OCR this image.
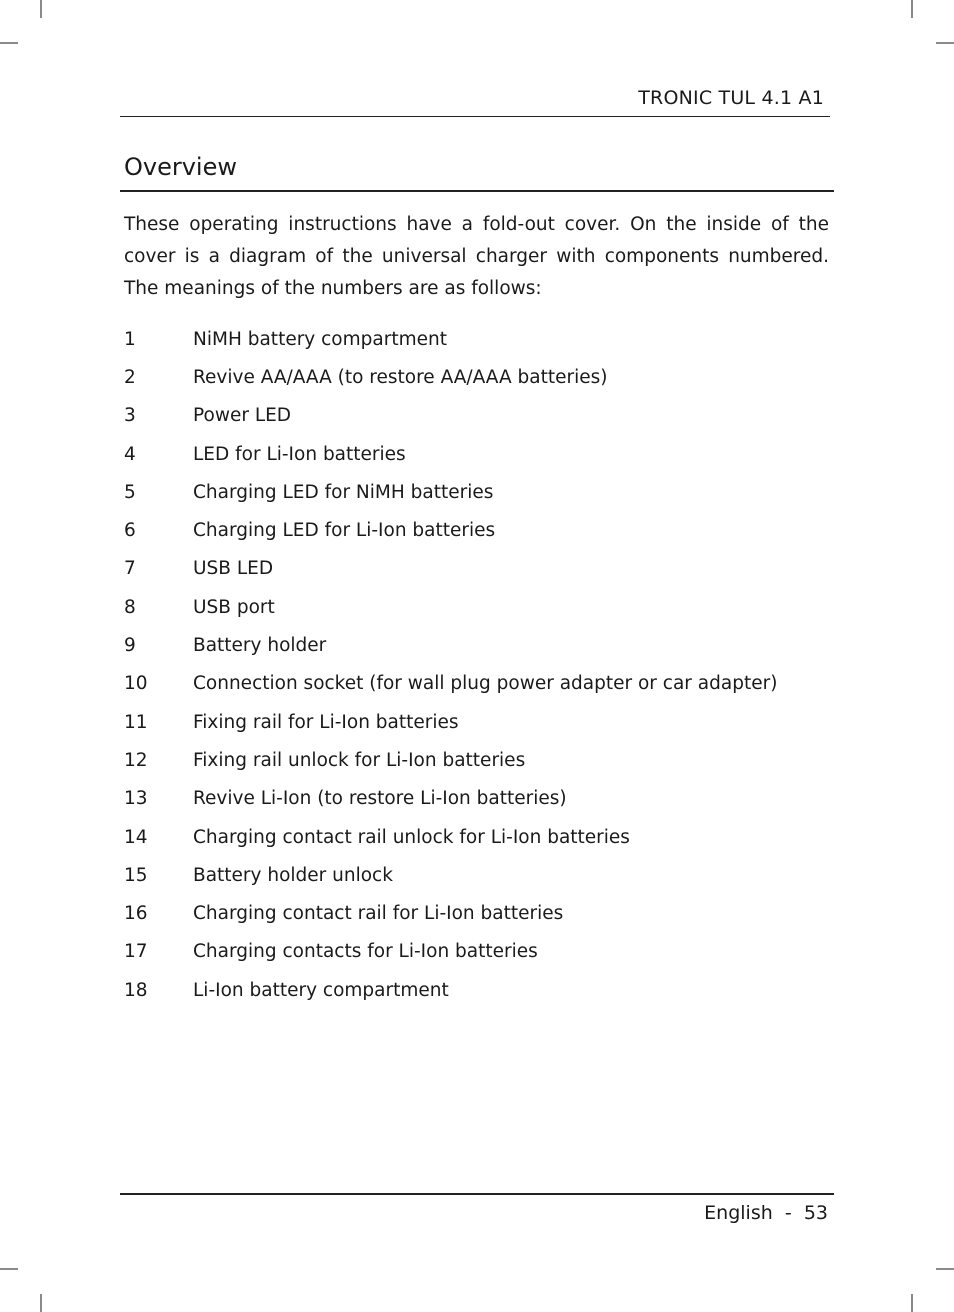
TRONIC TUL 4.1 A1
Overview

These operating instructions have a fold-out cover. On the inside of the cover is a diagram of the universal charger with components numbered. The meanings of the numbers are as follows:

1	NiMH battery compartment
2	Revive AA/AAA (to restore AA/AAA batteries)
3	Power LED
4	LED for Li-Ion batteries
5	Charging LED for NiMH batteries
6	Charging LED for Li-Ion batteries
7	USB LED
8	USB port
9	Battery holder
10	Connection socket (for wall plug power adapter or car adapter)
11	Fixing rail for Li-Ion batteries
12	Fixing rail unlock for Li-Ion batteries
13	Revive Li-Ion (to restore Li-Ion batteries)
14	Charging contact rail unlock for Li-Ion batteries
15	Battery holder unlock
16	Charging contact rail for Li-Ion batteries
17	Charging contacts for Li-Ion batteries
18	Li-Ion battery compartment
English - 53
